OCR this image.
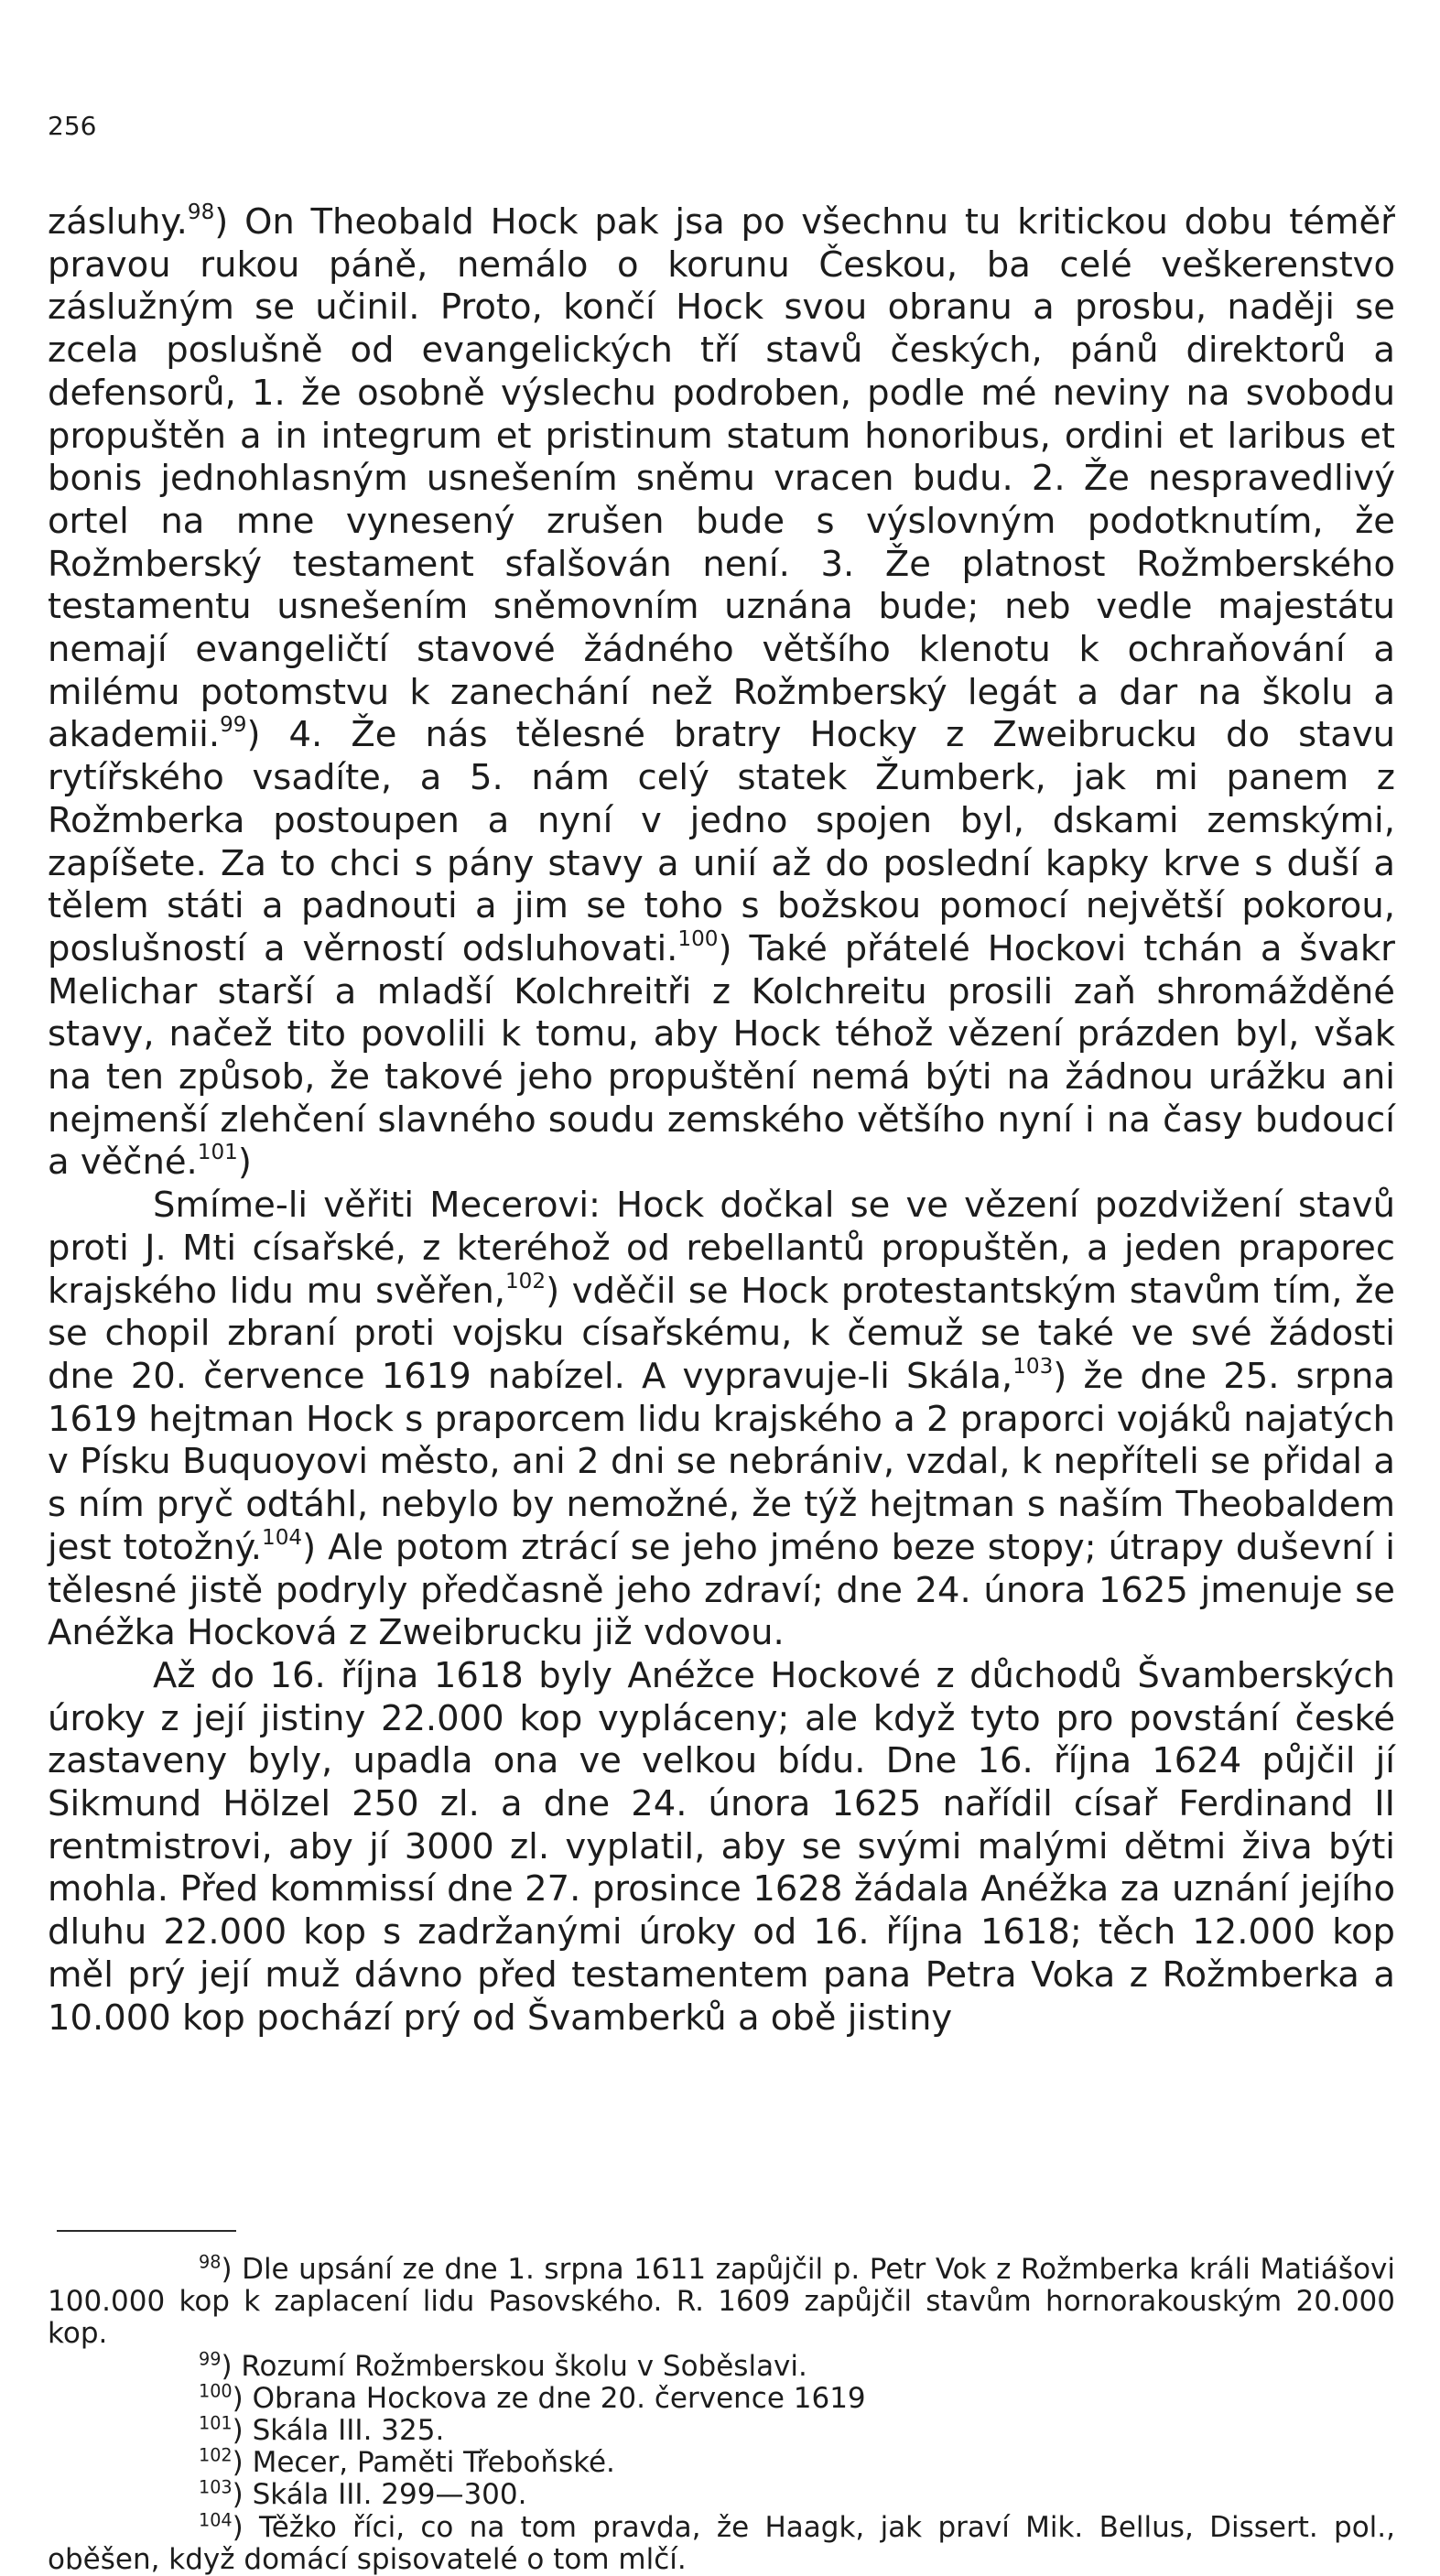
256

zásluhy.$^{98}$) On Theobald Hock pak jsa po všechnu tu kritickou dobu téměř pravou rukou páně, nemálo o korunu Českou, ba celé veškerenstvo záslužným se učinil. Proto, končí Hock svou obranu a prosbu, naději se zcela poslušně od evangelických tří stavů českých, pánů direktorů a defensorů, 1. že osobně výslechu podroben, podle mé neviny na svobodu propuštěn a in integrum et pristinum statum honoribus, ordini et laribus et bonis jednohlasným usnešením sněmu vracen budu. 2. Že nespravedlivý ortel na mne vynesený zrušen bude s výslovným podotknutím, že Rožmberský testament sfalšován není. 3. Že platnost Rožmberského testamentu usnešením sněmovním uznána bude; neb vedle majestátu nemají evangeličtí stavové žádného většího klenotu k ochraňování a milému potomstvu k zanechání než Rožmberský legát a dar na školu a akademii.$^{99}$) 4. Že nás tělesné bratry Hocky z Zweibrucku do stavu rytířského vsadíte, a 5. nám celý statek Žumberk, jak mi panem z Rožmberka postoupen a nyní v jedno spojen byl, dskami zemskými, zapíšete. Za to chci s pány stavy a unií až do poslední kapky krve s duší a tělem státi a padnouti a jim se toho s božskou pomocí největší pokorou, poslušností a věrností odsluhovati.$^{100}$) Také přátelé Hockovi tchán a švakr Melichar starší a mladší Kolchreitři z Kolchreitu prosili zaň shromážděné stavy, načež tito povolili k tomu, aby Hock téhož vězení prázden byl, však na ten způsob, že takové jeho propuštění nemá býti na žádnou urážku ani nejmenší zlehčení slavného soudu zemského většího nyní i na časy budoucí a věčné.$^{101}$)

Smíme-li věřiti Mecerovi: Hock dočkal se ve vězení pozdvižení stavů proti J. Mti císařské, z kteréhož od rebellantů propuštěn, a jeden praporec krajského lidu mu svěřen,$^{102}$) vděčil se Hock protestantským stavům tím, že se chopil zbraní proti vojsku císařskému, k čemuž se také ve své žádosti dne 20. července 1619 nabízel. A vypravuje-li Skála,$^{103}$) že dne 25. srpna 1619 hejtman Hock s praporcem lidu krajského a 2 praporci vojáků najatých v Písku Buquoyovi město, ani 2 dni se nebrániv, vzdal, k nepříteli se přidal a s ním pryč odtáhl, nebylo by nemožné, že týž hejtman s naším Theobaldem jest totožný.$^{104}$) Ale potom ztrácí se jeho jméno beze stopy; útrapy duševní i tělesné jistě podryly předčasně jeho zdraví; dne 24. února 1625 jmenuje se Anéžka Hocková z Zweibrucku již vdovou.

Až do 16. října 1618 byly Anéžce Hockové z důchodů Švamberských úroky z její jistiny 22.000 kop vypláceny; ale když tyto pro povstání české zastaveny byly, upadla ona ve velkou bídu. Dne 16. října 1624 půjčil jí Sikmund Hölzel 250 zl. a dne 24. února 1625 nařídil císař Ferdinand II rentmistrovi, aby jí 3000 zl. vyplatil, aby se svými malými dětmi živa býti mohla. Před kommissí dne 27. prosince 1628 žádala Anéžka za uznání jejího dluhu 22.000 kop s zadržanými úroky od 16. října 1618; těch 12.000 kop měl prý její muž dávno před testamentem pana Petra Voka z Rožmberka a 10.000 kop pochází prý od Švamberků a obě jistiny

$^{98}$) Dle upsání ze dne 1. srpna 1611 zapůjčil p. Petr Vok z Rožmberka králi Matiášovi 100.000 kop k zaplacení lidu Pasovského. R. 1609 zapůjčil stavům hornorakouským 20.000 kop.

$^{99}$) Rozumí Rožmberskou školu v Soběslavi.

$^{100}$) Obrana Hockova ze dne 20. července 1619

$^{101}$) Skála III. 325.

$^{102}$) Mecer, Paměti Třeboňské.

$^{103}$) Skála III. 299—300.

$^{104}$) Těžko říci, co na tom pravda, že Haagk, jak praví Mik. Bellus, Dissert. pol., oběšen, když domácí spisovatelé o tom mlčí.
